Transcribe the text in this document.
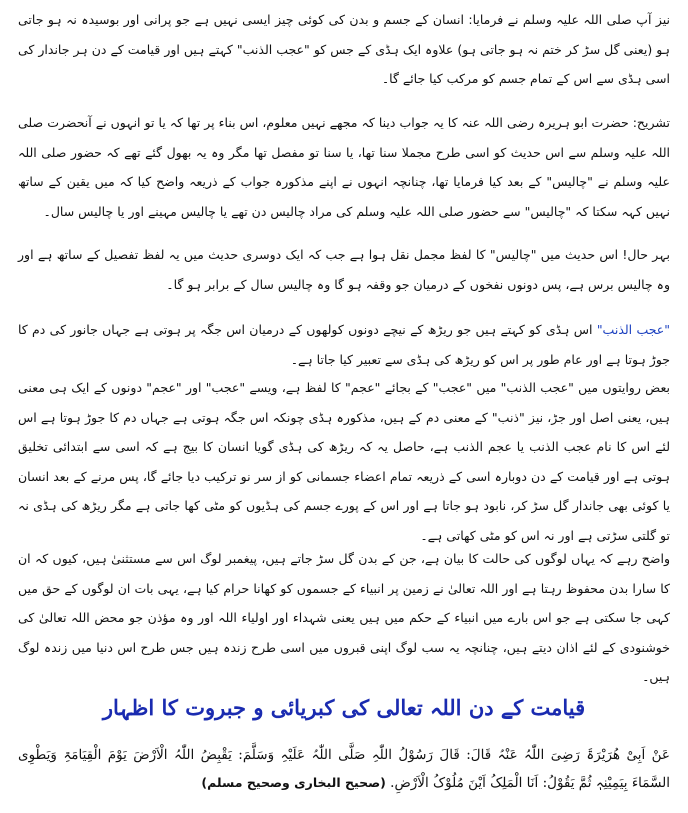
نیز آپ صلی اللہ علیہ وسلم نے فرمایا: انسان کے جسم و بدن کی کوئی چیز ایسی نہیں ہے جو پرانی اور بوسیدہ نہ ہو جاتی ہو (یعنی گل سڑ کر ختم نہ ہو جاتی ہو) علاوہ ایک ہڈی کے جس کو "عجب الذنب" کہتے ہیں اور قیامت کے دن ہر جاندار کی اسی ہڈی سے اس کے تمام جسم کو مرکب کیا جائے گا۔

تشریح: حضرت ابو ہریرہ رضی اللہ عنہ کا یہ جواب دینا کہ مجھے نہیں معلوم، اس بناء پر تھا کہ یا تو انہوں نے آنحضرت صلی اللہ علیہ وسلم سے اس حدیث کو اسی طرح مجملا سنا تھا، یا سنا تو مفصل تھا مگر وہ یہ بھول گئے تھے کہ حضور صلی اللہ علیہ وسلم نے "چالیس" کے بعد کیا فرمایا تھا، چنانچہ انہوں نے اپنے مذکورہ جواب کے ذریعہ واضح کیا کہ میں یقین کے ساتھ نہیں کہہ سکتا کہ "چالیس" سے حضور صلی اللہ علیہ وسلم کی مراد چالیس دن تھے یا چالیس مہینے اور یا چالیس سال۔

بہر حال! اس حدیث میں "چالیس" کا لفظ مجمل نقل ہوا ہے جب کہ ایک دوسری حدیث میں یہ لفظ تفصیل کے ساتھ ہے اور وہ چالیس برس ہے، پس دونوں نفخوں کے درمیان جو وقفہ ہو گا وہ چالیس سال کے برابر ہو گا۔

"عجب الذنب" اس ہڈی کو کہتے ہیں جو ریڑھ کے نیچے دونوں کولھوں کے درمیان اس جگہ پر ہوتی ہے جہاں جانور کی دم کا جوڑ ہوتا ہے اور عام طور پر اس کو ریڑھ کی ہڈی سے تعبیر کیا جاتا ہے۔

بعض روایتوں میں "عجب الذنب" میں "عجب" کے بجائے "عجم" کا لفظ ہے، ویسے "عجب" اور "عجم" دونوں کے ایک ہی معنی ہیں، یعنی اصل اور جڑ، نیز "ذنب" کے معنی دم کے ہیں، مذکورہ ہڈی چونکہ اس جگہ ہوتی ہے جہاں دم کا جوڑ ہوتا ہے اس لئے اس کا نام عجب الذنب یا عجم الذنب ہے، حاصل یہ کہ ریڑھ کی ہڈی گویا انسان کا بیج ہے کہ اسی سے ابتدائی تخلیق ہوتی ہے اور قیامت کے دن دوبارہ اسی کے ذریعہ تمام اعضاء جسمانی کو از سر نو ترکیب دیا جائے گا، پس مرنے کے بعد انسان یا کوئی بھی جاندار گل سڑ کر، نابود ہو جاتا ہے اور اس کے پورے جسم کی ہڈیوں کو مٹی کھا جاتی ہے مگر ریڑھ کی ہڈی نہ تو گلتی سڑتی ہے اور نہ اس کو مٹی کھاتی ہے۔

واضح رہے کہ یہاں لوگوں کی حالت کا بیان ہے، جن کے بدن گل سڑ جاتے ہیں، پیغمبر لوگ اس سے مستثنیٰ ہیں، کیوں کہ ان کا سارا بدن محفوظ رہتا ہے اور اللہ تعالیٰ نے زمین پر انبیاء کے جسموں کو کھانا حرام کیا ہے، یہی بات ان لوگوں کے حق میں کہی جا سکتی ہے جو اس بارے میں انبیاء کے حکم میں ہیں یعنی شہداء اور اولیاء اللہ اور وہ مؤذن جو محض اللہ تعالیٰ کی خوشنودی کے لئے اذان دیتے ہیں، چنانچہ یہ سب لوگ اپنی قبروں میں اسی طرح زندہ ہیں جس طرح اس دنیا میں زندہ لوگ ہیں۔

قیامت کے دن اللہ تعالی کی کبریائی و جبروت کا اظہار

عَنْ اَبِیْ ھُرَیْرَۃَ رَضِیَ اللّٰہُ عَنْہُ قَالَ: قَالَ رَسُوْلُ اللّٰہِ صَلَّی اللّٰہُ عَلَیْہِ وَسَلَّمَ: یَقْبِضُ اللّٰہُ الْاَرْضَ یَوْمَ الْقِیَامَۃِ وَیَطْوِی السَّمَاءَ بِیَمِیْنِہٖ ثُمَّ یَقُوْلُ: اَنَا الْمَلِکُ اَیْنَ مُلُوْکُ الْاَرْضِ. (صحیح البخاری وصحیح مسلم)
